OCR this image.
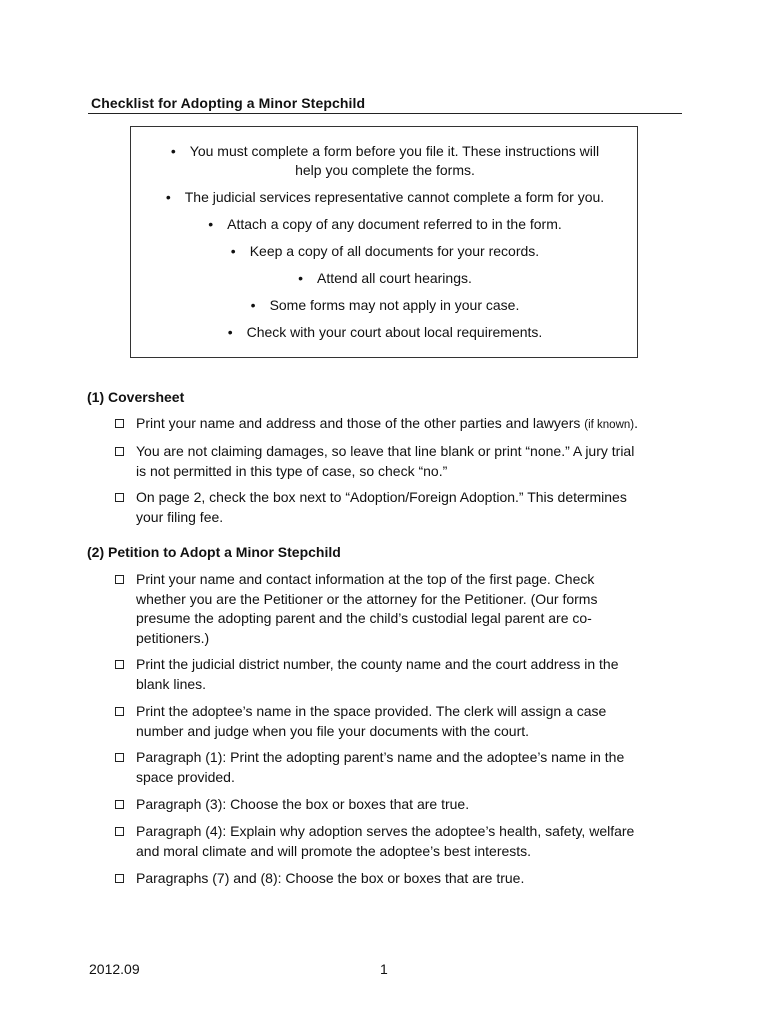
Checklist for Adopting a Minor Stepchild
• You must complete a form before you file it. These instructions will
help you complete the forms.
• The judicial services representative cannot complete a form for you.
• Attach a copy of any document referred to in the form.
• Keep a copy of all documents for your records.
• Attend all court hearings.
• Some forms may not apply in your case.
• Check with your court about local requirements.
(1) Coversheet
Print your name and address and those of the other parties and lawyers (if known).
You are not claiming damages, so leave that line blank or print “none.” A jury trial
is not permitted in this type of case, so check “no.”
On page 2, check the box next to “Adoption/Foreign Adoption.” This determines
your filing fee.
(2) Petition to Adopt a Minor Stepchild
Print your name and contact information at the top of the first page. Check
whether you are the Petitioner or the attorney for the Petitioner. (Our forms
presume the adopting parent and the child’s custodial legal parent are co-
petitioners.)
Print the judicial district number, the county name and the court address in the
blank lines.
Print the adoptee’s name in the space provided. The clerk will assign a case
number and judge when you file your documents with the court.
Paragraph (1): Print the adopting parent’s name and the adoptee’s name in the
space provided.
Paragraph (3): Choose the box or boxes that are true.
Paragraph (4): Explain why adoption serves the adoptee’s health, safety, welfare
and moral climate and will promote the adoptee’s best interests.
Paragraphs (7) and (8): Choose the box or boxes that are true.
2012.09	1
